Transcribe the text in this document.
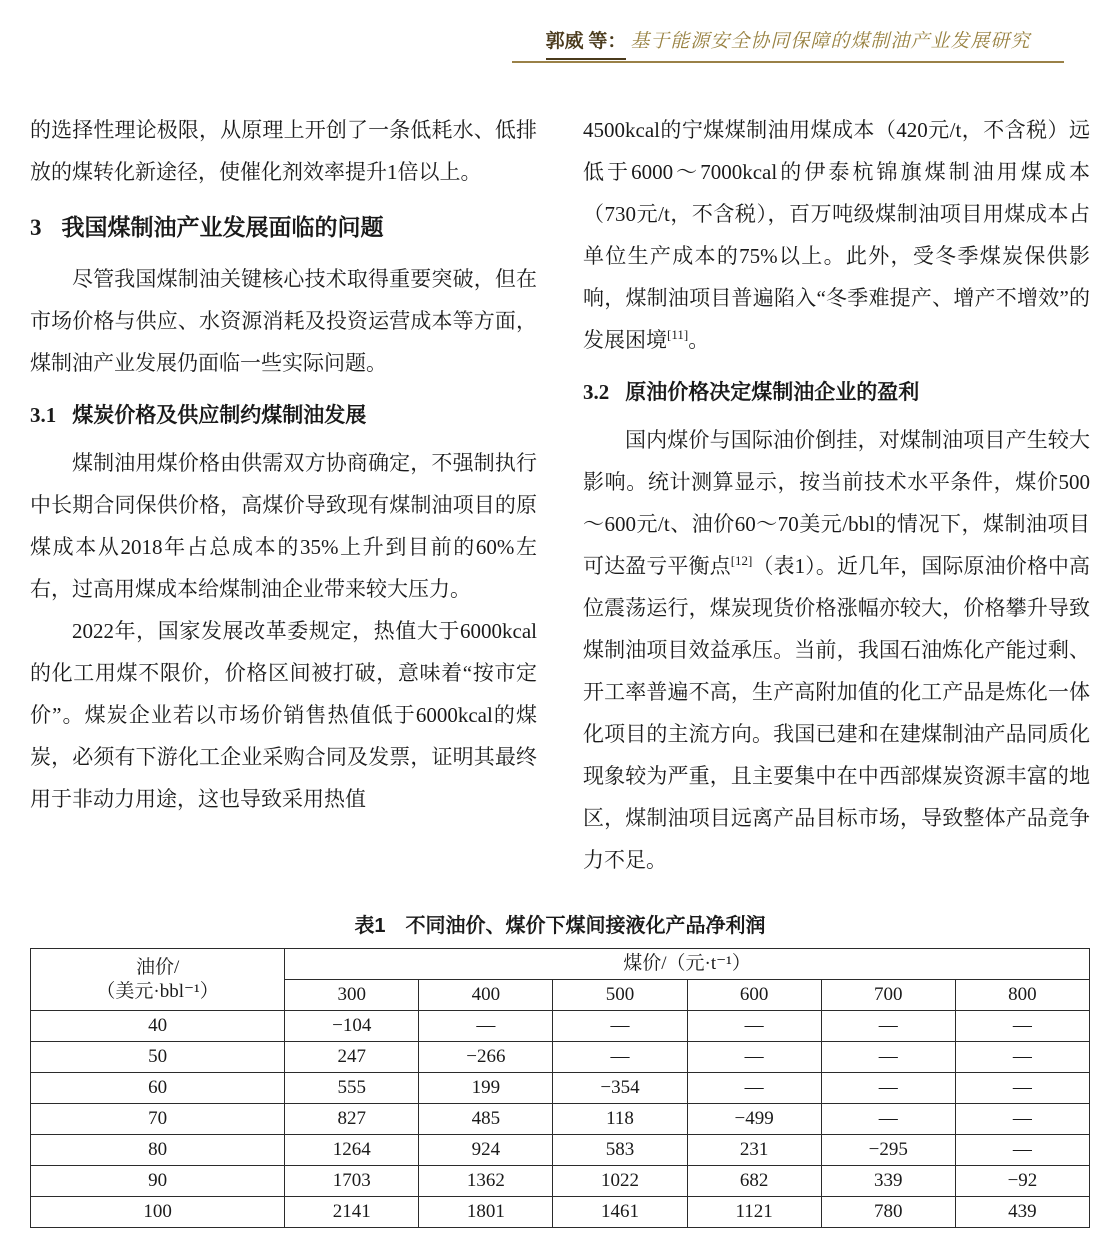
郭威 等： 基于能源安全协同保障的煤制油产业发展研究

的选择性理论极限，从原理上开创了一条低耗水、低排放的煤转化新途径，使催化剂效率提升1倍以上。

3 我国煤制油产业发展面临的问题

尽管我国煤制油关键核心技术取得重要突破，但在市场价格与供应、水资源消耗及投资运营成本等方面，煤制油产业发展仍面临一些实际问题。

3.1 煤炭价格及供应制约煤制油发展

煤制油用煤价格由供需双方协商确定，不强制执行中长期合同保供价格，高煤价导致现有煤制油项目的原煤成本从2018年占总成本的35%上升到目前的60%左右，过高用煤成本给煤制油企业带来较大压力。

2022年，国家发展改革委规定，热值大于6000kcal的化工用煤不限价，价格区间被打破，意味着“按市定价”。煤炭企业若以市场价销售热值低于6000kcal的煤炭，必须有下游化工企业采购合同及发票，证明其最终用于非动力用途，这也导致采用热值

4500kcal的宁煤煤制油用煤成本（420元/t，不含税）远低于6000～7000kcal的伊泰杭锦旗煤制油用煤成本（730元/t，不含税），百万吨级煤制油项目用煤成本占单位生产成本的75%以上。此外，受冬季煤炭保供影响，煤制油项目普遍陷入“冬季难提产、增产不增效”的发展困境[11]。

3.2 原油价格决定煤制油企业的盈利

国内煤价与国际油价倒挂，对煤制油项目产生较大影响。统计测算显示，按当前技术水平条件，煤价500～600元/t、油价60～70美元/bbl的情况下，煤制油项目可达盈亏平衡点[12]（表1）。近几年，国际原油价格中高位震荡运行，煤炭现货价格涨幅亦较大，价格攀升导致煤制油项目效益承压。当前，我国石油炼化产能过剩、开工率普遍不高，生产高附加值的化工产品是炼化一体化项目的主流方向。我国已建和在建煤制油产品同质化现象较为严重，且主要集中在中西部煤炭资源丰富的地区，煤制油项目远离产品目标市场，导致整体产品竞争力不足。

表1　不同油价、煤价下煤间接液化产品净利润
油价/
（美元·bbl⁻¹）	煤价/（元·t⁻¹）					
	300	400	500	600	700	800
40	−104	—	—	—	—	—
50	247	−266	—	—	—	—
60	555	199	−354	—	—	—
70	827	485	118	−499	—	—
80	1264	924	583	231	−295	—
90	1703	1362	1022	682	339	−92
100	2141	1801	1461	1121	780	439
